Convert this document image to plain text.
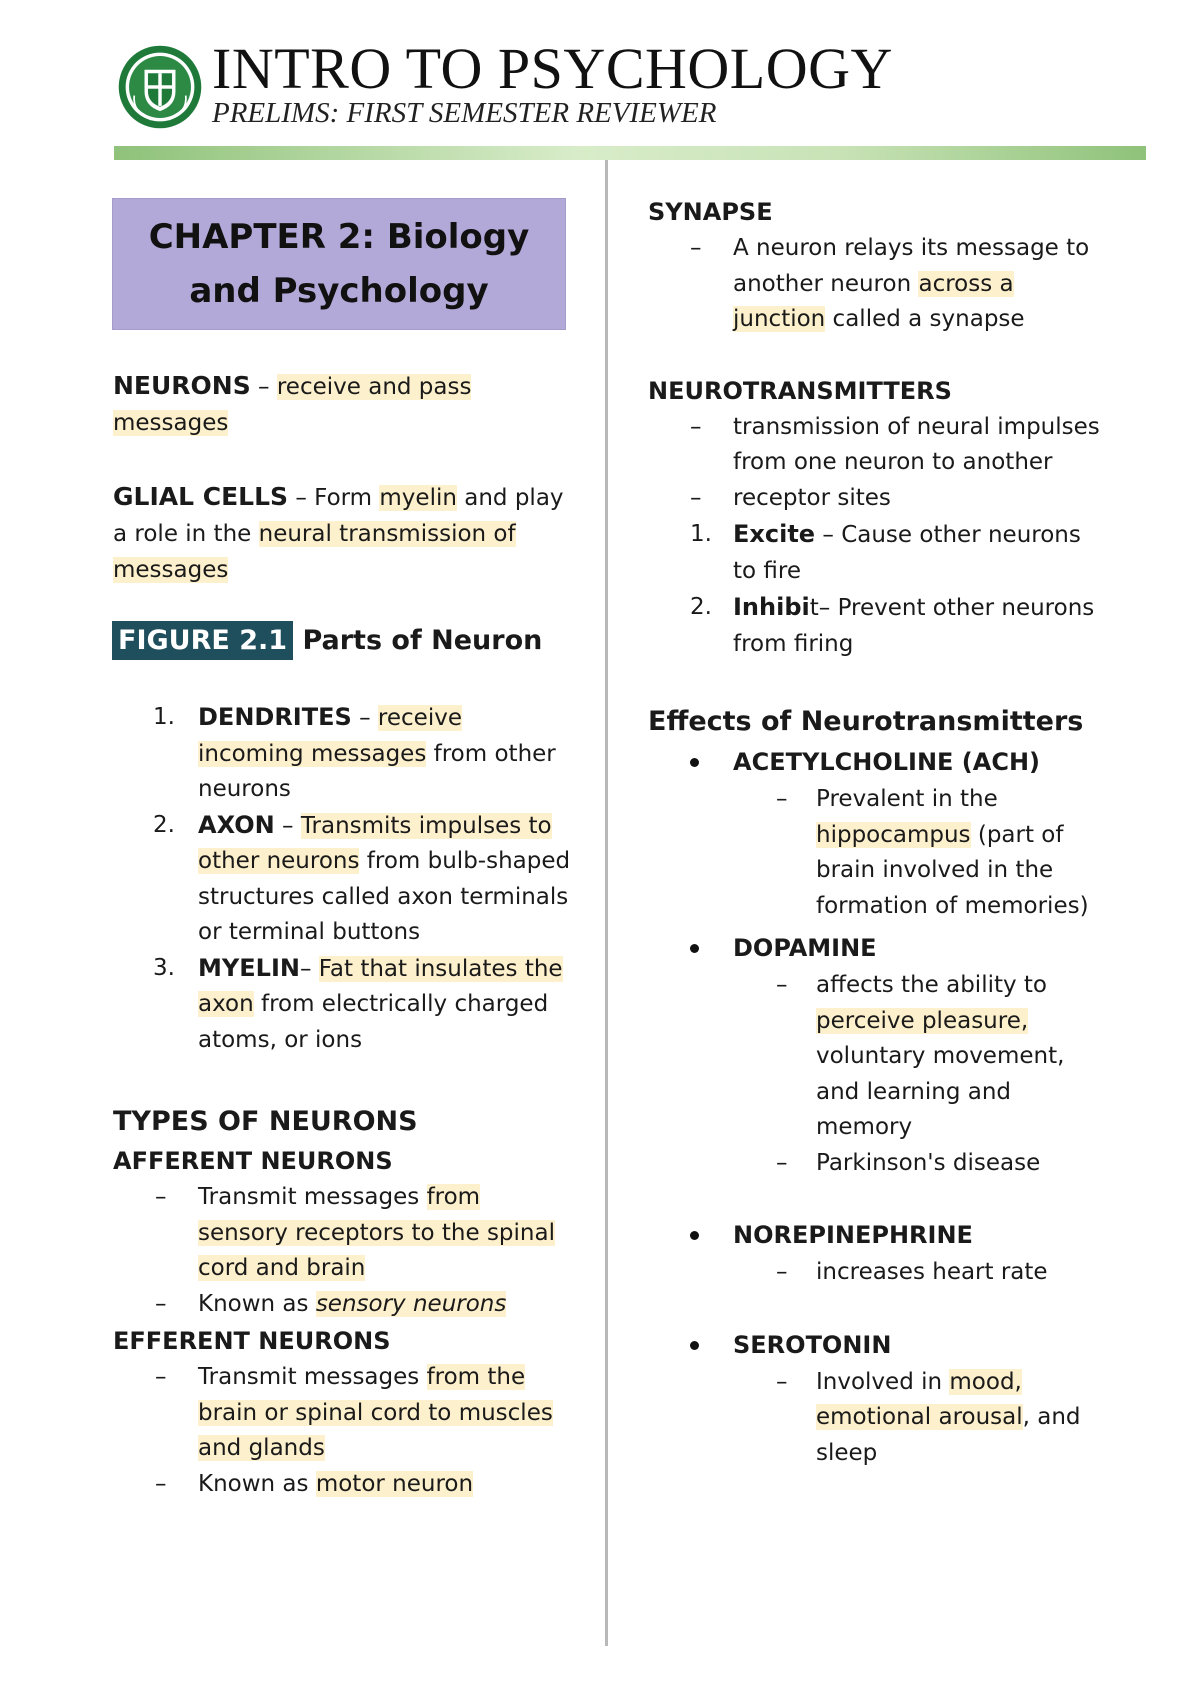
INTRO TO PSYCHOLOGY
PRELIMS: FIRST SEMESTER REVIEWER
CHAPTER 2: Biology and Psychology
NEURONS – receive and pass messages
GLIAL CELLS – Form myelin and play a role in the neural transmission of messages
FIGURE 2.1 Parts of Neuron
1. DENDRITES – receive incoming messages from other neurons
2. AXON – Transmits impulses to other neurons from bulb-shaped structures called axon terminals or terminal buttons
3. MYELIN– Fat that insulates the axon from electrically charged atoms, or ions
TYPES OF NEURONS
AFFERENT NEURONS
– Transmit messages from sensory receptors to the spinal cord and brain
– Known as sensory neurons
EFFERENT NEURONS
– Transmit messages from the brain or spinal cord to muscles and glands
– Known as motor neuron
SYNAPSE
– A neuron relays its message to another neuron across a junction called a synapse
NEUROTRANSMITTERS
– transmission of neural impulses from one neuron to another
– receptor sites
1. Excite – Cause other neurons to fire
2. Inhibit– Prevent other neurons from firing
Effects of Neurotransmitters
ACETYLCHOLINE (ACH)
– Prevalent in the hippocampus (part of brain involved in the formation of memories)
DOPAMINE
– affects the ability to perceive pleasure, voluntary movement, and learning and memory
– Parkinson's disease
NOREPINEPHRINE
– increases heart rate
SEROTONIN
– Involved in mood, emotional arousal, and sleep
